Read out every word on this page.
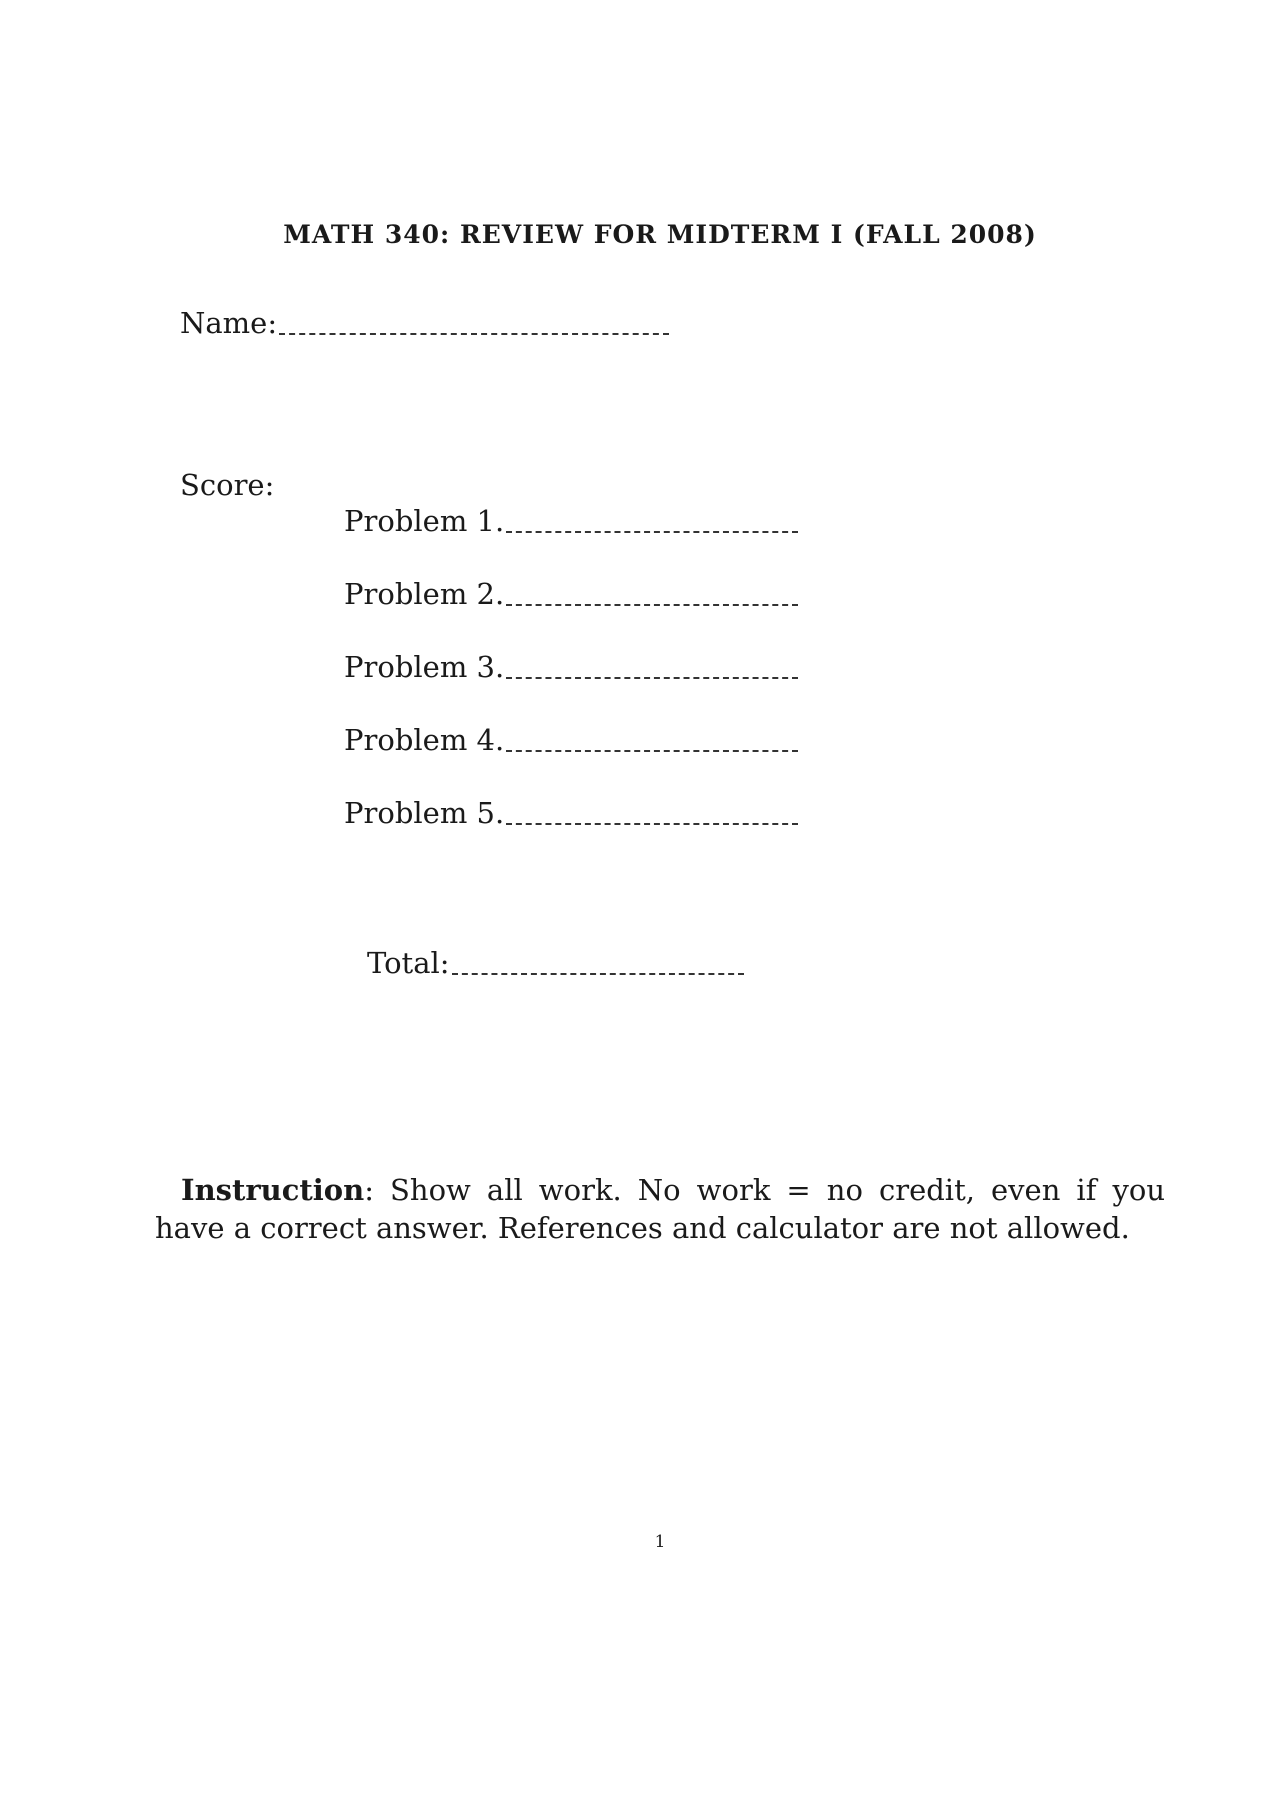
MATH 340: REVIEW FOR MIDTERM I (FALL 2008)
Name:
Score:
Problem 1.
Problem 2.
Problem 3.
Problem 4.
Problem 5.
Total:

Instruction: Show all work. No work = no credit, even if you have a correct answer. References and calculator are not allowed.

1
